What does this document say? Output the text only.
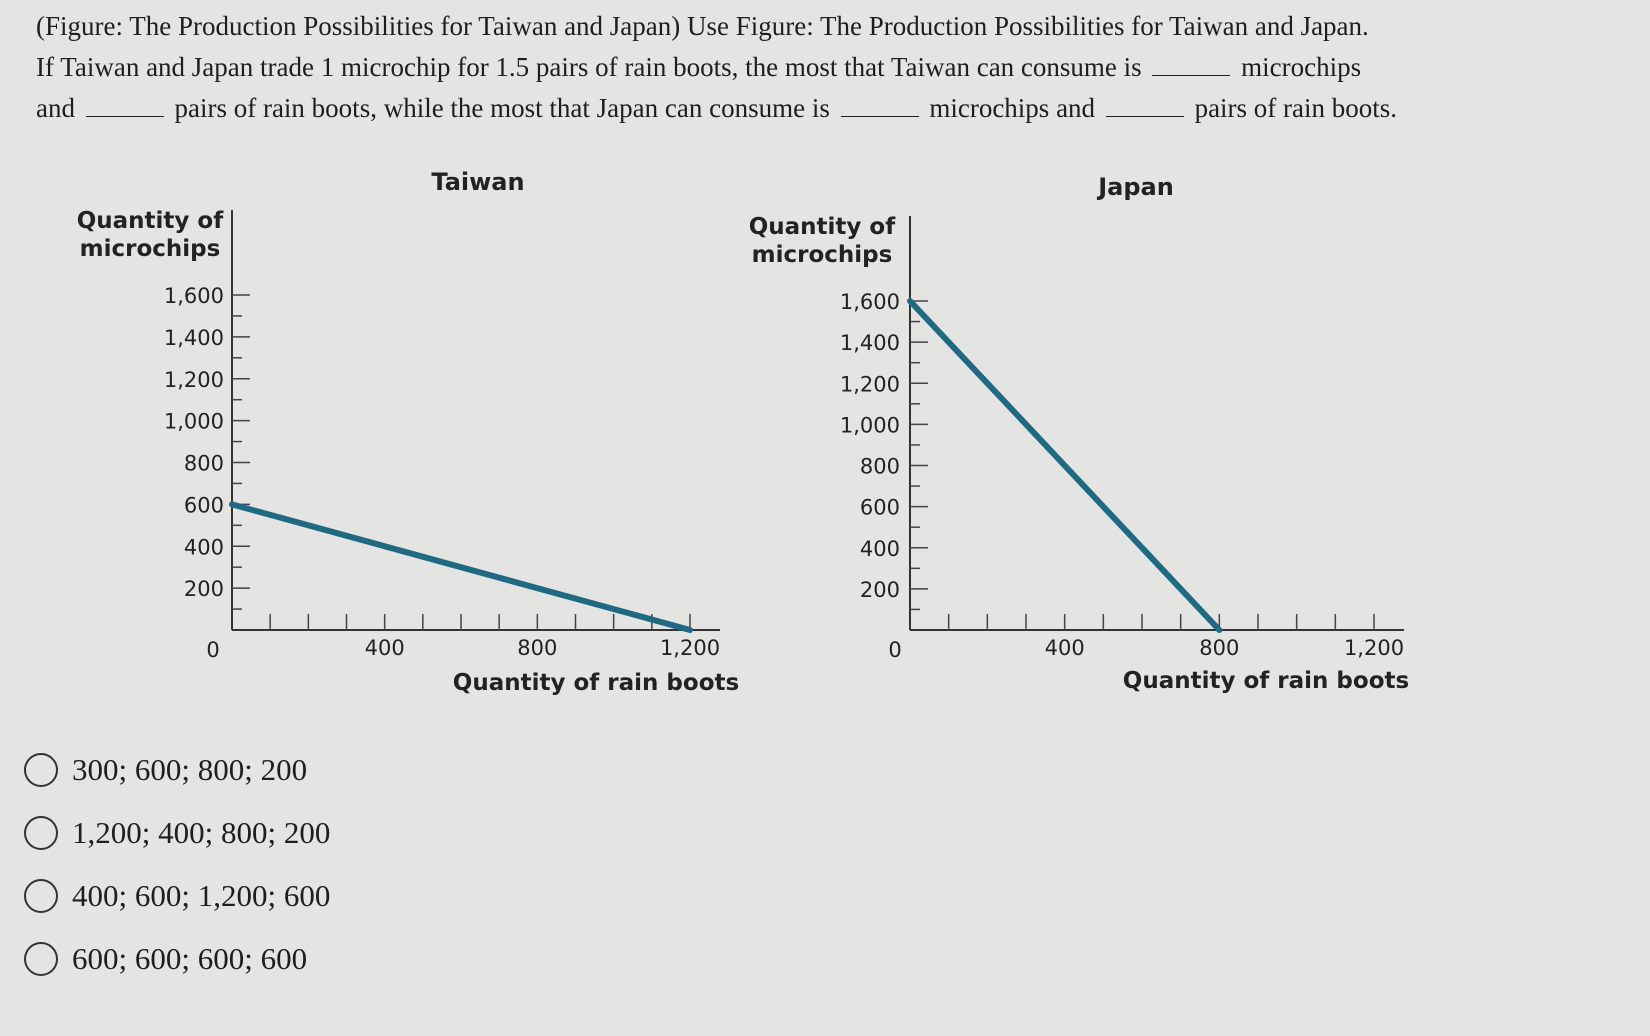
(Figure: The Production Possibilities for Taiwan and Japan) Use Figure: The Production Possibilities for Taiwan and Japan.
If Taiwan and Japan trade 1 microchip for 1.5 pairs of rain boots, the most that Taiwan can consume is	microchips
and	pairs of rain boots, while the most that Japan can consume is	microchips and	pairs of rain boots.
Taiwan
Quantity of
microchips
200
400
600
800
1,000
1,200
1,400
1,600
0	400	800	1,200
Quantity of rain boots
Japan
Quantity of
microchips
200
400
600
800
1,000
1,200
1,400
1,600
0	400	800	1,200
Quantity of rain boots
300; 600; 800; 200
1,200; 400; 800; 200
400; 600; 1,200; 600
600; 600; 600; 600
